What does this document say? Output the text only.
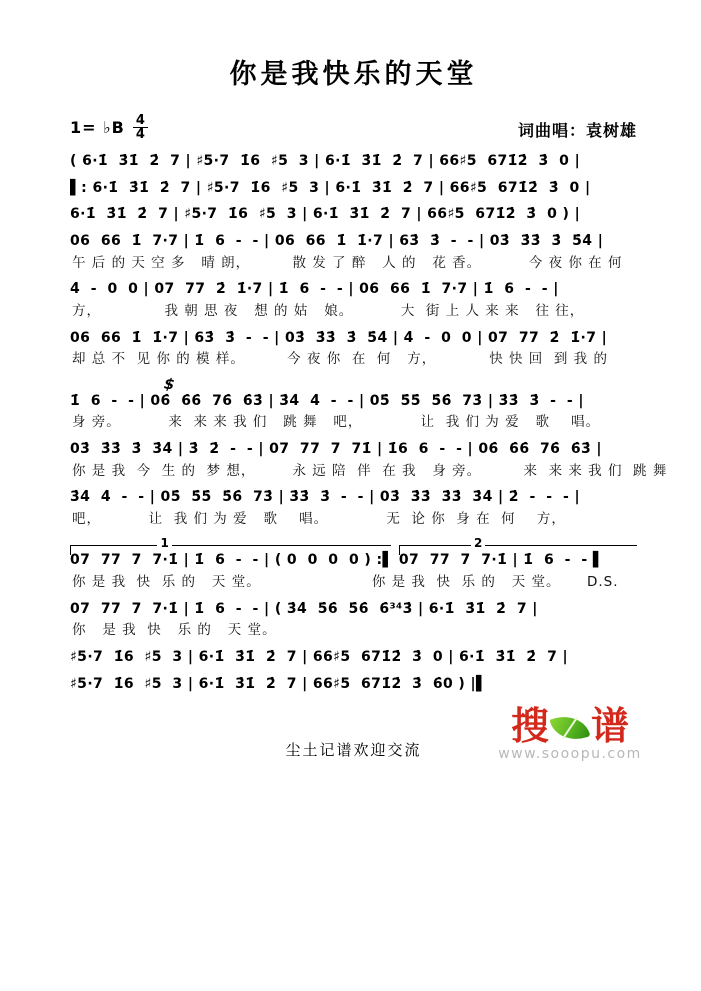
你是我快乐的天堂
1= ♭B 4
4	词曲唱：袁树雄
( 6·1̇  3̇1̇  2̇  7 | ♯5·7  1̇6  ♯5  3 | 6·1̇  3̇1̇  2̇  7 | 66♯5  671̇2̇  3̇  0 |
▌: 6·1̇  3̇1̇  2̇  7 | ♯5·7  1̇6  ♯5  3 | 6·1̇  3̇1̇  2̇  7 | 66♯5  671̇2̇  3̇  0 |
6·1̇  3̇1̇  2̇  7 | ♯5·7  1̇6  ♯5  3 | 6·1̇  3̇1̇  2̇  7 | 66♯5  671̇2̇  3̇  0 ) |
06  66  1̇  7·7 | 1̇  6  -  - | 06  66  1̇  1̇·7 | 63̇  3̇  -  - | 03̇  3̇3̇  3̇  5̇4̇ |
午 后 的 天 空 多   晴 朗，        散 发 了 醉   人 的   花 香。         今 夜 你 在 何
4̇  -  0  0 | 07  77  2̇  1̇·7 | 1̇  6  -  - | 06  66  1̇  7·7 | 1̇  6  -  - |
方，            我 朝 思 夜   想 的 姑   娘。         大  街 上 人 来 来   往 往，
06  66  1̇  1̇·7 | 63̇  3̇  -  - | 03̇  3̇3̇  3̇  5̇4̇ | 4̇  -  0  0 | 07  77  2̇  1̇·7 |
却 总 不  见 你 的 模 样。        今 夜 你  在  何   方，          快 快 回  到 我 的
$
1̇  6  -  - | 06̇  6̇6̇  76̇  6̇3̇ | 3̇4̇  4̇  -  - | 05̇  5̇5̇  5̇6̇  73̇ | 3̇3̇  3̇  -  - |
身 旁。         来  来 来 我 们   跳 舞   吧，           让  我 们 为 爱   歌    唱。
03̇  3̇3̇  3̇  3̇4̇ | 3̇  2̇  -  - | 07  77  7  71̇ | 1̇6  6  -  - | 06̇  6̇6̇  76̇  6̇3̇ |
你 是 我  今  生 的  梦 想，       永 远 陪  伴  在 我   身 旁。        来  来 来 我 们  跳 舞
3̇4̇  4̇  -  - | 05̇  5̇5̇  5̇6̇  73̇ | 3̇3̇  3̇  -  - | 03̇  3̇3̇  3̇3̇  3̇4̇ | 2̇  -  -  - |
吧，         让  我 们 为 爱   歌    唱。           无  论 你  身 在  何    方，
1	2
07  77  7  7·1̇ | 1̇  6  -  - | ( 0  0  0  0 ) :▌ 07  77  7  7·1̇ | 1̇  6  -  - ▌
你 是 我  快  乐 的   天 堂。                     你 是 我  快  乐 的   天 堂。     D.S.
07  77  7  7·1̇ | 1̇  6  -  - | ( 3̇4̇  5̇6̇  5̇6̇  6̇³⁴3̇ | 6·1̇  3̇1̇  2̇  7 |
你   是 我  快   乐 的   天 堂。
♯5·7  1̇6  ♯5  3 | 6·1̇  3̇1̇  2̇  7 | 66♯5  671̇2̇  3̇  0 | 6·1̇  3̇1̇  2̇  7 |
♯5·7  1̇6  ♯5  3 | 6·1̇  3̇1̇  2̇  7 | 66♯5  671̇2̇  3̇  6̇0 ) |▌
尘土记谱欢迎交流
搜 谱
www.sooopu.com
